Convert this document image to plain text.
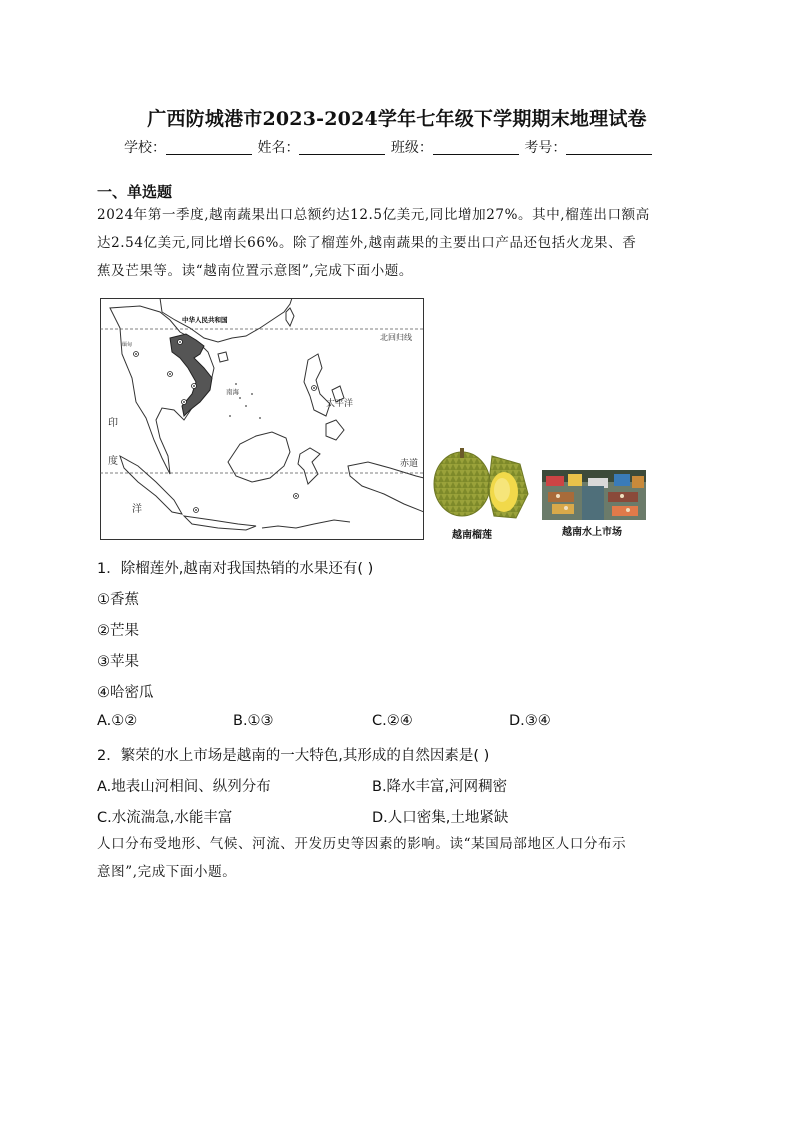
广西防城港市2023-2024学年七年级下学期期末地理试卷
学校：	姓名：	班级：	考号：
一、单选题
2024年第一季度,越南蔬果出口总额约达12.5亿美元,同比增加27%。其中,榴莲出口额高
达2.54亿美元,同比增长66%。除了榴莲外,越南蔬果的主要出口产品还包括火龙果、香
蕉及芒果等。读“越南位置示意图”,完成下面小题。
中华人民共和国
北回归线
南海
太平洋
赤道
印
度
洋
缅甸
越南榴莲	越南水上市场
1．除榴莲外,越南对我国热销的水果还有( )
①香蕉
②芒果
③苹果
④哈密瓜
A.①②	B.①③	C.②④	D.③④
2．繁荣的水上市场是越南的一大特色,其形成的自然因素是( )
A.地表山河相间、纵列分布	B.降水丰富,河网稠密
C.水流湍急,水能丰富	D.人口密集,土地紧缺
人口分布受地形、气候、河流、开发历史等因素的影响。读“某国局部地区人口分布示
意图”,完成下面小题。
